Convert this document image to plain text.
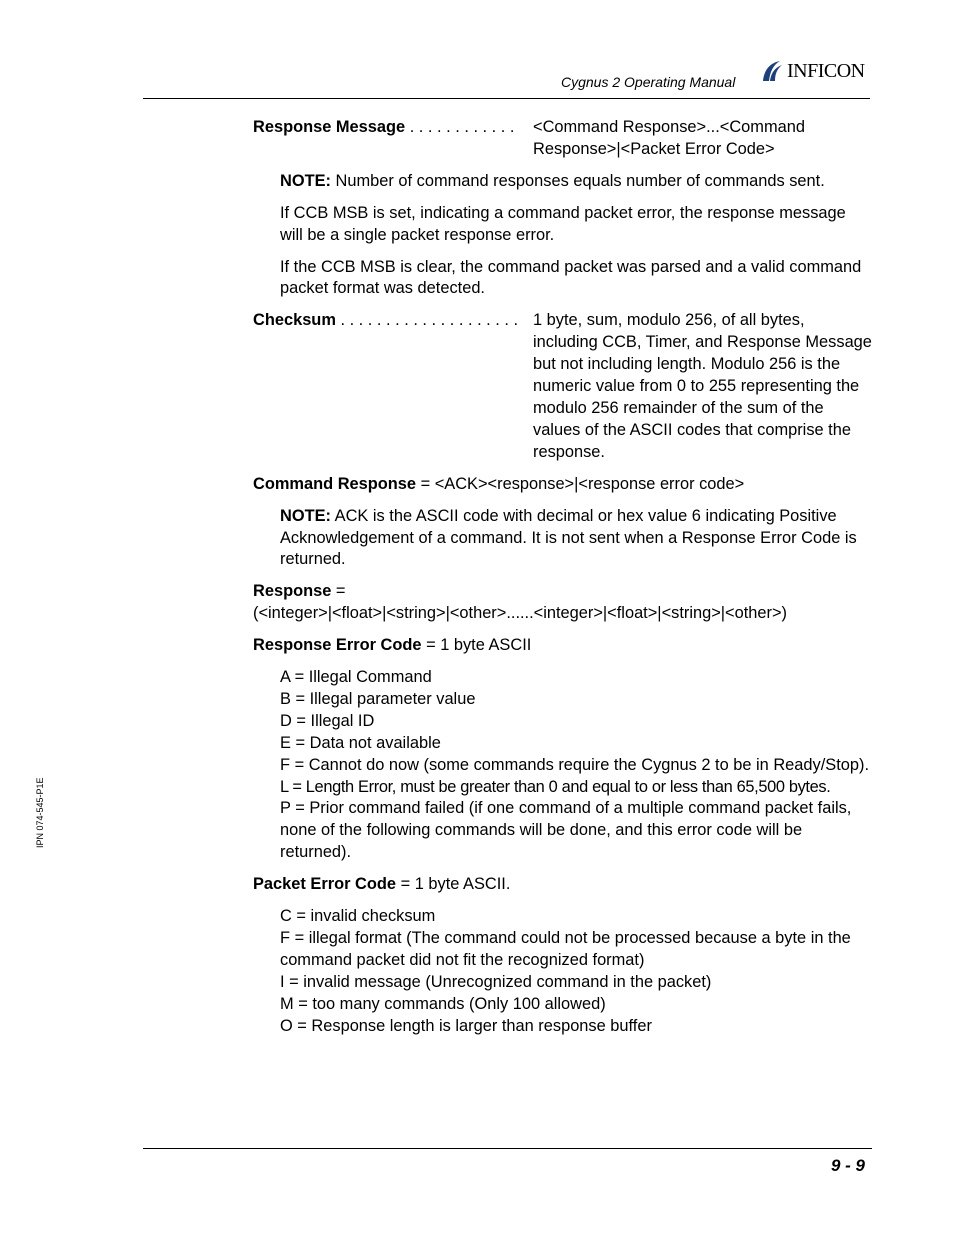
Cygnus 2 Operating Manual
INFICON
IPN 074-545-P1E
Response Message . . . . . . . . . . . .	<Command Response>...<Command Response>|<Packet Error Code>
NOTE: Number of command responses equals number of commands sent.
If CCB MSB is set, indicating a command packet error, the response message will be a single packet response error.
If the CCB MSB is clear, the command packet was parsed and a valid command packet format was detected.
Checksum . . . . . . . . . . . . . . . . . . . . 1 byte, sum, modulo 256, of all bytes, including CCB, Timer, and Response Message but not including length. Modulo 256 is the numeric value from 0 to 255 representing the modulo 256 remainder of the sum of the values of the ASCII codes that comprise the response.
Command Response = <ACK><response>|<response error code>
NOTE: ACK is the ASCII code with decimal or hex value 6 indicating Positive Acknowledgement of a command. It is not sent when a Response Error Code is returned.
Response =
(<integer>|<float>|<string>|<other>......<integer>|<float>|<string>|<other>)
Response Error Code = 1 byte ASCII
A = Illegal Command
B = Illegal parameter value
D = Illegal ID
E = Data not available
F = Cannot do now (some commands require the Cygnus 2 to be in Ready/Stop).
L = Length Error, must be greater than 0 and equal to or less than 65,500 bytes.
P = Prior command failed (if one command of a multiple command packet fails, none of the following commands will be done, and this error code will be returned).
Packet Error Code = 1 byte ASCII.
C = invalid checksum
F = illegal format (The command could not be processed because a byte in the command packet did not fit the recognized format)
I = invalid message (Unrecognized command in the packet)
M = too many commands (Only 100 allowed)
O = Response length is larger than response buffer
9 - 9
